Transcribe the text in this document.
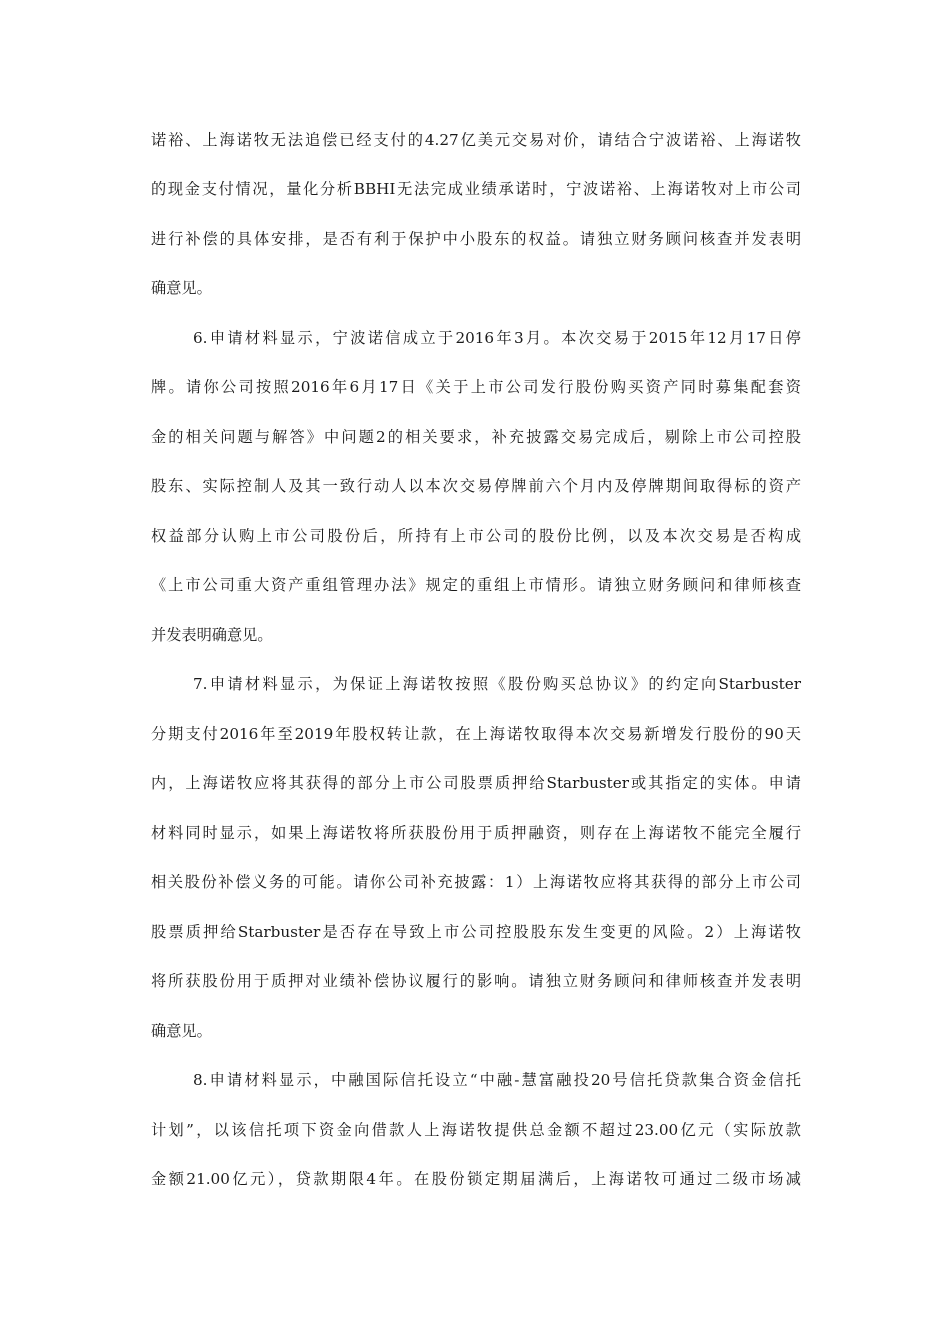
诺裕、上海诺牧无法追偿已经支付的4.27亿美元交易对价，请结合宁波诺裕、上海诺牧
的现金支付情况，量化分析BBHI无法完成业绩承诺时，宁波诺裕、上海诺牧对上市公司
进行补偿的具体安排，是否有利于保护中小股东的权益。请独立财务顾问核查并发表明
确意见。
6.申请材料显示，宁波诺信成立于2016年3月。本次交易于2015年12月17日停
牌。请你公司按照2016年6月17日《关于上市公司发行股份购买资产同时募集配套资
金的相关问题与解答》中问题2的相关要求，补充披露交易完成后，剔除上市公司控股
股东、实际控制人及其一致行动人以本次交易停牌前六个月内及停牌期间取得标的资产
权益部分认购上市公司股份后，所持有上市公司的股份比例，以及本次交易是否构成
《上市公司重大资产重组管理办法》规定的重组上市情形。请独立财务顾问和律师核查
并发表明确意见。
7.申请材料显示，为保证上海诺牧按照《股份购买总协议》的约定向Starbuster
分期支付2016年至2019年股权转让款，在上海诺牧取得本次交易新增发行股份的90天
内，上海诺牧应将其获得的部分上市公司股票质押给Starbuster或其指定的实体。申请
材料同时显示，如果上海诺牧将所获股份用于质押融资，则存在上海诺牧不能完全履行
相关股份补偿义务的可能。请你公司补充披露：1）上海诺牧应将其获得的部分上市公司
股票质押给Starbuster是否存在导致上市公司控股股东发生变更的风险。2）上海诺牧
将所获股份用于质押对业绩补偿协议履行的影响。请独立财务顾问和律师核查并发表明
确意见。
8.申请材料显示，中融国际信托设立“中融-慧富融投20号信托贷款集合资金信托
计划”，以该信托项下资金向借款人上海诺牧提供总金额不超过23.00亿元（实际放款
金额21.00亿元），贷款期限4年。在股份锁定期届满后，上海诺牧可通过二级市场减
